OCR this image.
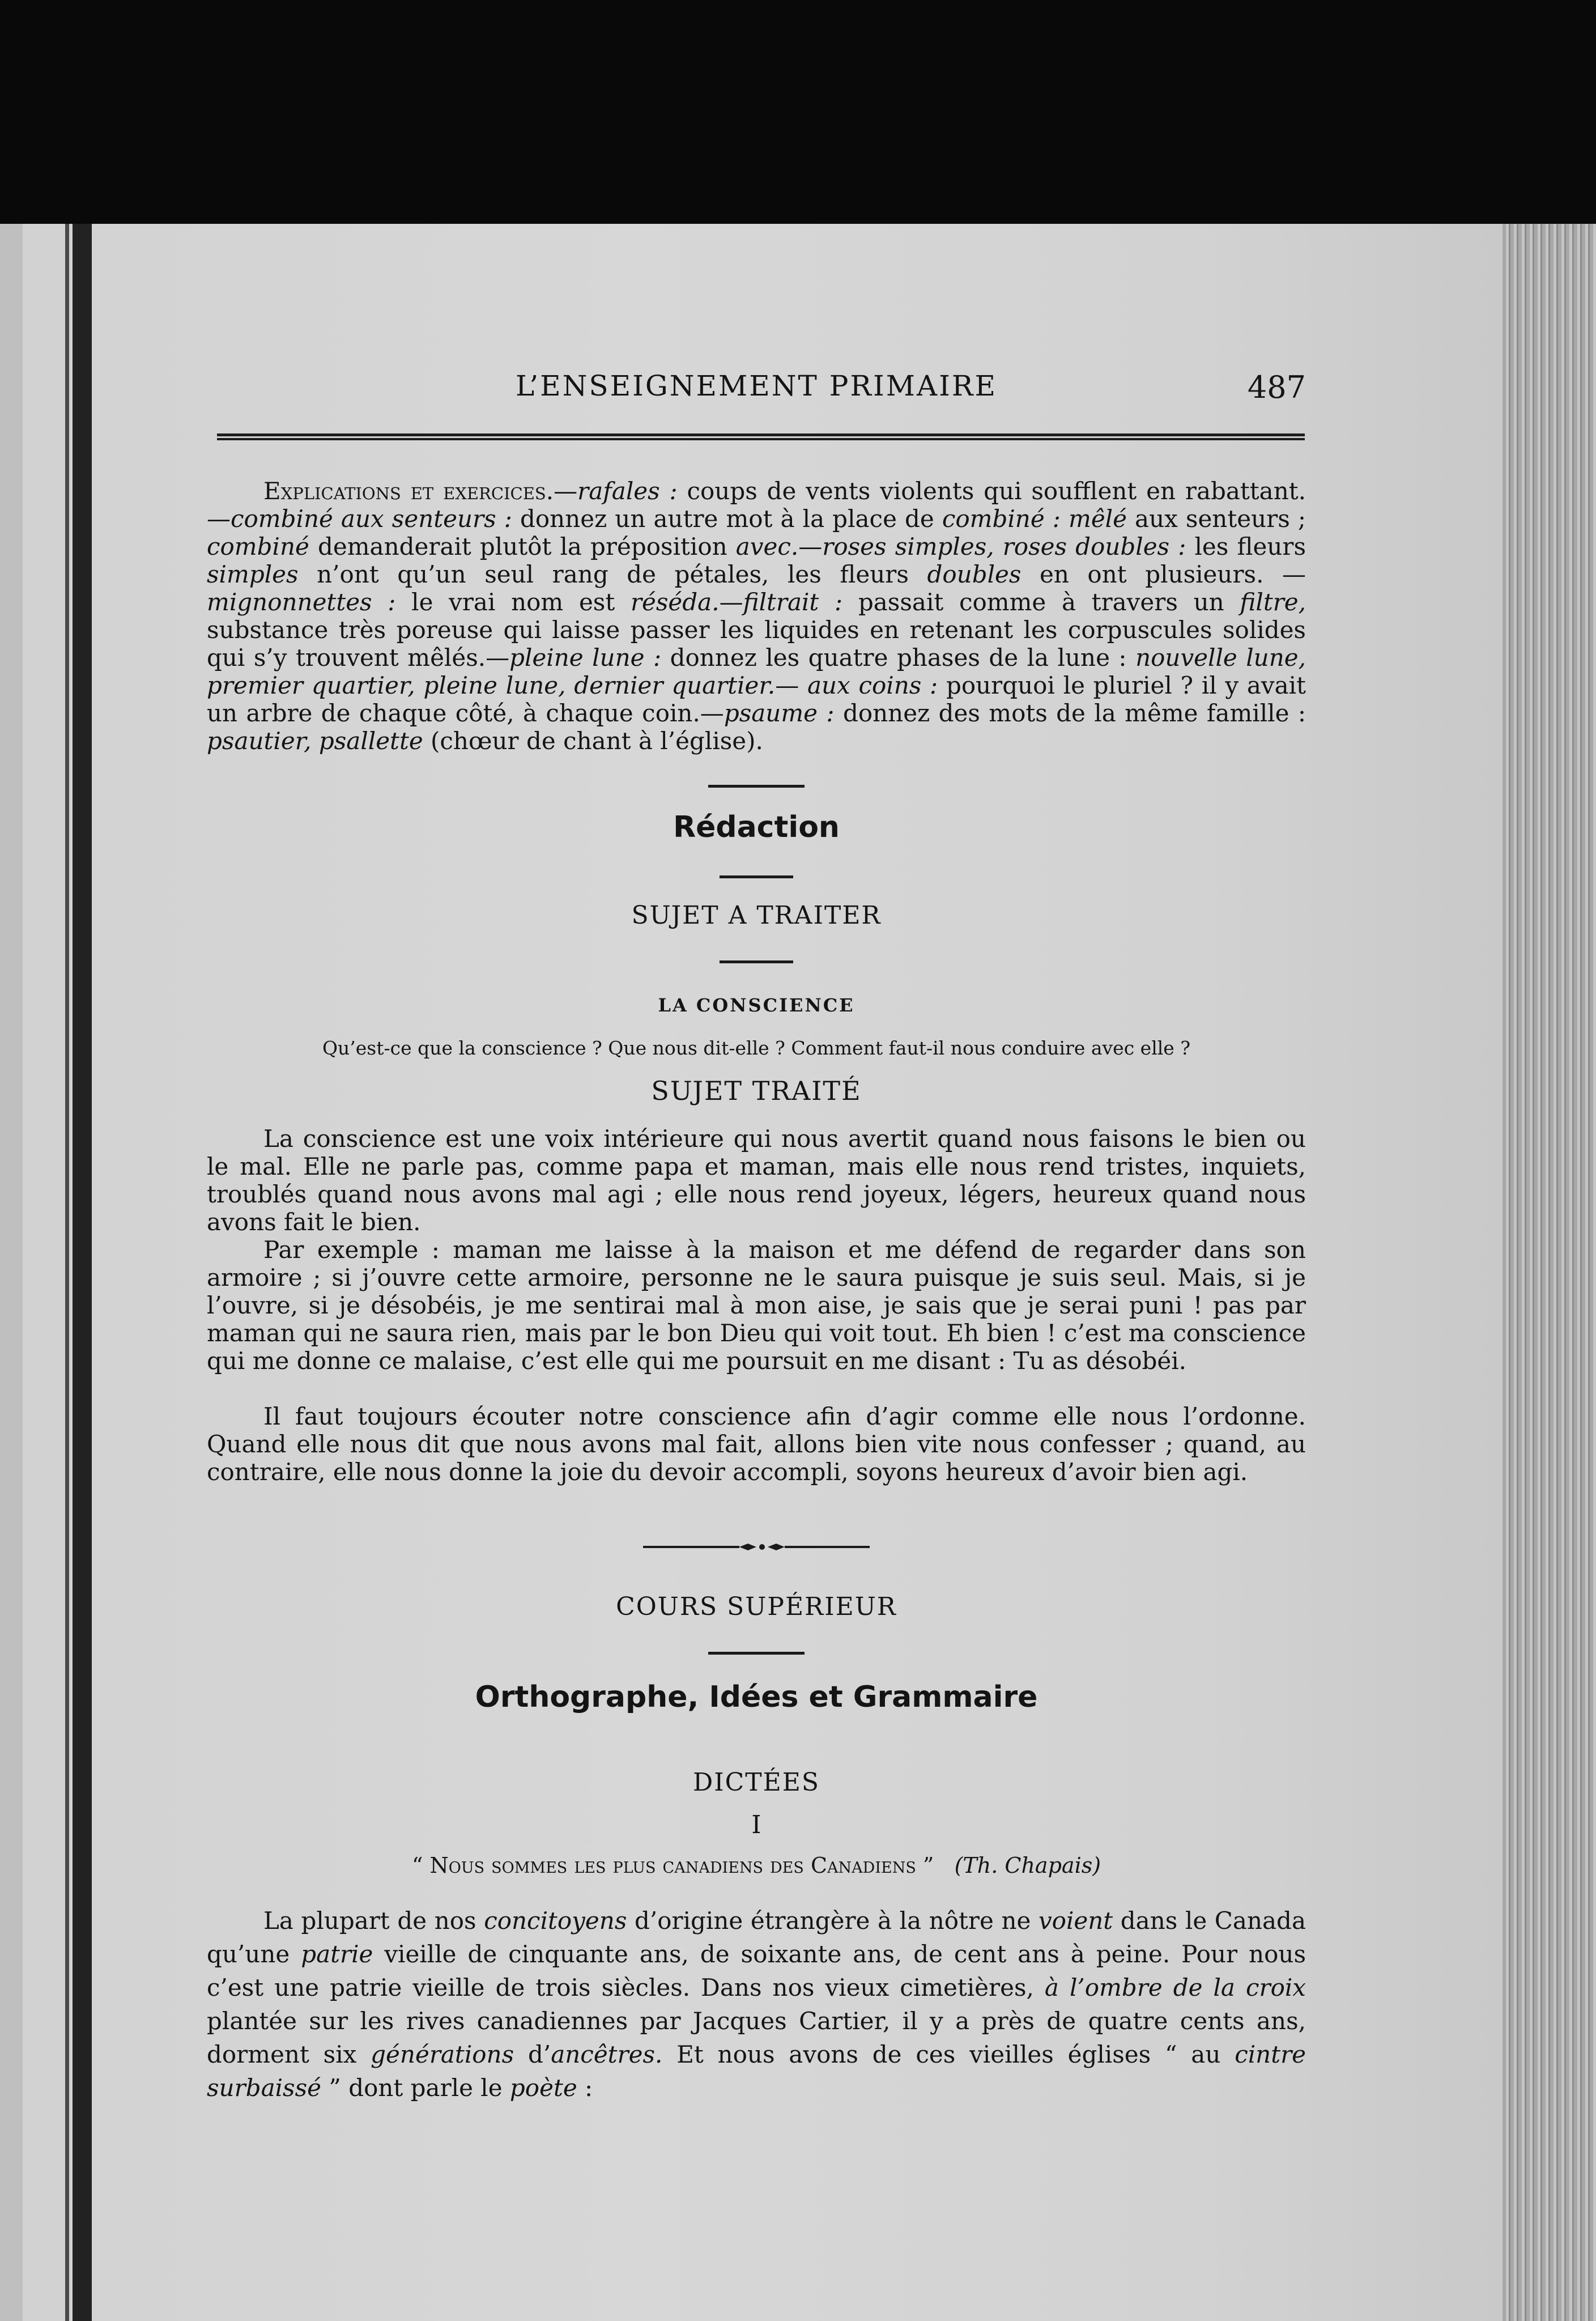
L’ENSEIGNEMENT PRIMAIRE	487

Explications et exercices.—rafales : coups de vents violents qui soufflent en rabattant.—combiné aux senteurs : donnez un autre mot à la place de combiné : mêlé aux senteurs ; combiné demanderait plutôt la préposition avec.—roses simples, roses doubles : les fleurs simples n’ont qu’un seul rang de pétales, les fleurs doubles en ont plusieurs. —mignonnettes : le vrai nom est réséda.—filtrait : passait comme à travers un filtre, substance très poreuse qui laisse passer les liquides en retenant les corpuscules solides qui s’y trouvent mêlés.—pleine lune : donnez les quatre phases de la lune : nouvelle lune, premier quartier, pleine lune, dernier quartier.— aux coins : pourquoi le pluriel ? il y avait un arbre de chaque côté, à chaque coin.—psaume : donnez des mots de la même famille : psautier, psallette (chœur de chant à l’église).

Rédaction
SUJET A TRAITER
LA CONSCIENCE
Qu’est-ce que la conscience ? Que nous dit-elle ? Comment faut-il nous conduire avec elle ?
SUJET TRAITÉ

La conscience est une voix intérieure qui nous avertit quand nous faisons le bien ou le mal. Elle ne parle pas, comme papa et maman, mais elle nous rend tristes, inquiets, troublés quand nous avons mal agi ; elle nous rend joyeux, légers, heureux quand nous avons fait le bien.

Par exemple : maman me laisse à la maison et me défend de regarder dans son armoire ; si j’ouvre cette armoire, personne ne le saura puisque je suis seul. Mais, si je l’ouvre, si je désobéis, je me sentirai mal à mon aise, je sais que je serai puni ! pas par maman qui ne saura rien, mais par le bon Dieu qui voit tout. Eh bien ! c’est ma conscience qui me donne ce malaise, c’est elle qui me poursuit en me disant : Tu as désobéi.

Il faut toujours écouter notre conscience afin d’agir comme elle nous l’ordonne. Quand elle nous dit que nous avons mal fait, allons bien vite nous confesser ; quand, au contraire, elle nous donne la joie du devoir accompli, soyons heureux d’avoir bien agi.

COURS SUPÉRIEUR
Orthographe, Idées et Grammaire
DICTÉES
I
“ Nous sommes les plus canadiens des Canadiens ” (Th. Chapais)

La plupart de nos concitoyens d’origine étrangère à la nôtre ne voient dans le Canada qu’une patrie vieille de cinquante ans, de soixante ans, de cent ans à peine. Pour nous c’est une patrie vieille de trois siècles. Dans nos vieux cimetières, à l’ombre de la croix plantée sur les rives canadiennes par Jacques Cartier, il y a près de quatre cents ans, dorment six générations d’ancêtres. Et nous avons de ces vieilles églises “ au cintre surbaissé ” dont parle le poète :
